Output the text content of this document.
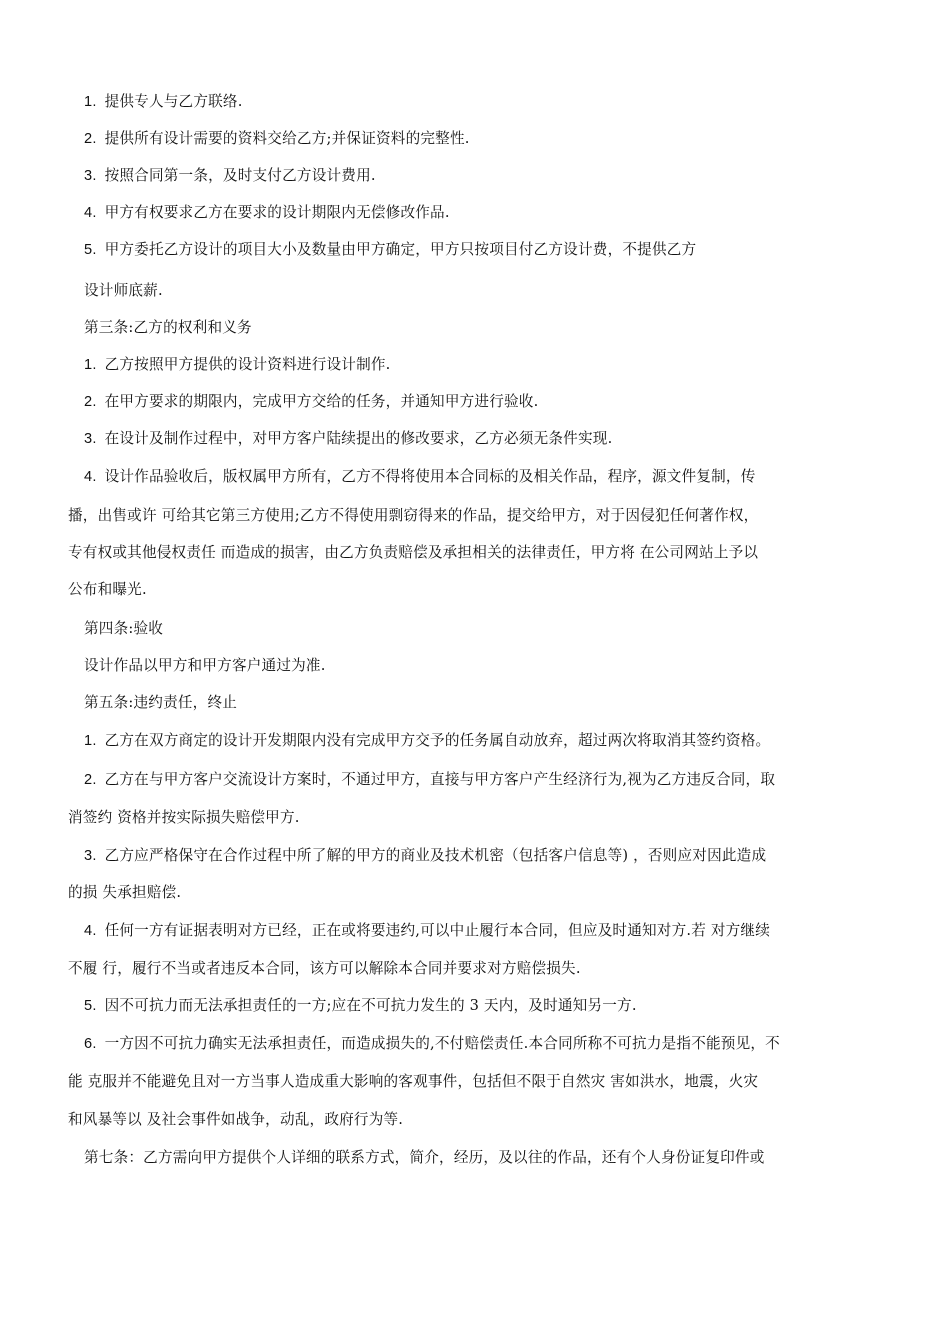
1. 提供专人与乙方联络.
2. 提供所有设计需要的资料交给乙方;并保证资料的完整性.
3. 按照合同第一条，及时支付乙方设计费用.
4. 甲方有权要求乙方在要求的设计期限内无偿修改作品.
5. 甲方委托乙方设计的项目大小及数量由甲方确定，甲方只按项目付乙方设计费，不提供乙方
设计师底薪.
第三条:乙方的权利和义务
1. 乙方按照甲方提供的设计资料进行设计制作.
2. 在甲方要求的期限内，完成甲方交给的任务，并通知甲方进行验收.
3. 在设计及制作过程中，对甲方客户陆续提出的修改要求，乙方必须无条件实现.
4. 设计作品验收后，版权属甲方所有，乙方不得将使用本合同标的及相关作品，程序，源文件复制，传
播，出售或许 可给其它第三方使用;乙方不得使用剽窃得来的作品，提交给甲方，对于因侵犯任何著作权，
专有权或其他侵权责任 而造成的损害，由乙方负责赔偿及承担相关的法律责任，甲方将 在公司网站上予以
公布和曝光.
第四条:验收
设计作品以甲方和甲方客户通过为准.
第五条:违约责任，终止
1. 乙方在双方商定的设计开发期限内没有完成甲方交予的任务属自动放弃，超过两次将取消其签约资格。
2. 乙方在与甲方客户交流设计方案时，不通过甲方，直接与甲方客户产生经济行为,视为乙方违反合同，取
消签约 资格并按实际损失赔偿甲方.
3. 乙方应严格保守在合作过程中所了解的甲方的商业及技术机密（包括客户信息等) ，否则应对因此造成
的损 失承担赔偿.
4. 任何一方有证据表明对方已经，正在或将要违约,可以中止履行本合同，但应及时通知对方.若 对方继续
不履 行，履行不当或者违反本合同，该方可以解除本合同并要求对方赔偿损失.
5. 因不可抗力而无法承担责任的一方;应在不可抗力发生的 3 天内，及时通知另一方.
6. 一方因不可抗力确实无法承担责任，而造成损失的,不付赔偿责任.本合同所称不可抗力是指不能预见，不
能 克服并不能避免且对一方当事人造成重大影响的客观事件，包括但不限于自然灾 害如洪水，地震，火灾
和风暴等以 及社会事件如战争，动乱，政府行为等.
第七条：乙方需向甲方提供个人详细的联系方式，简介，经历，及以往的作品，还有个人身份证复印件或
